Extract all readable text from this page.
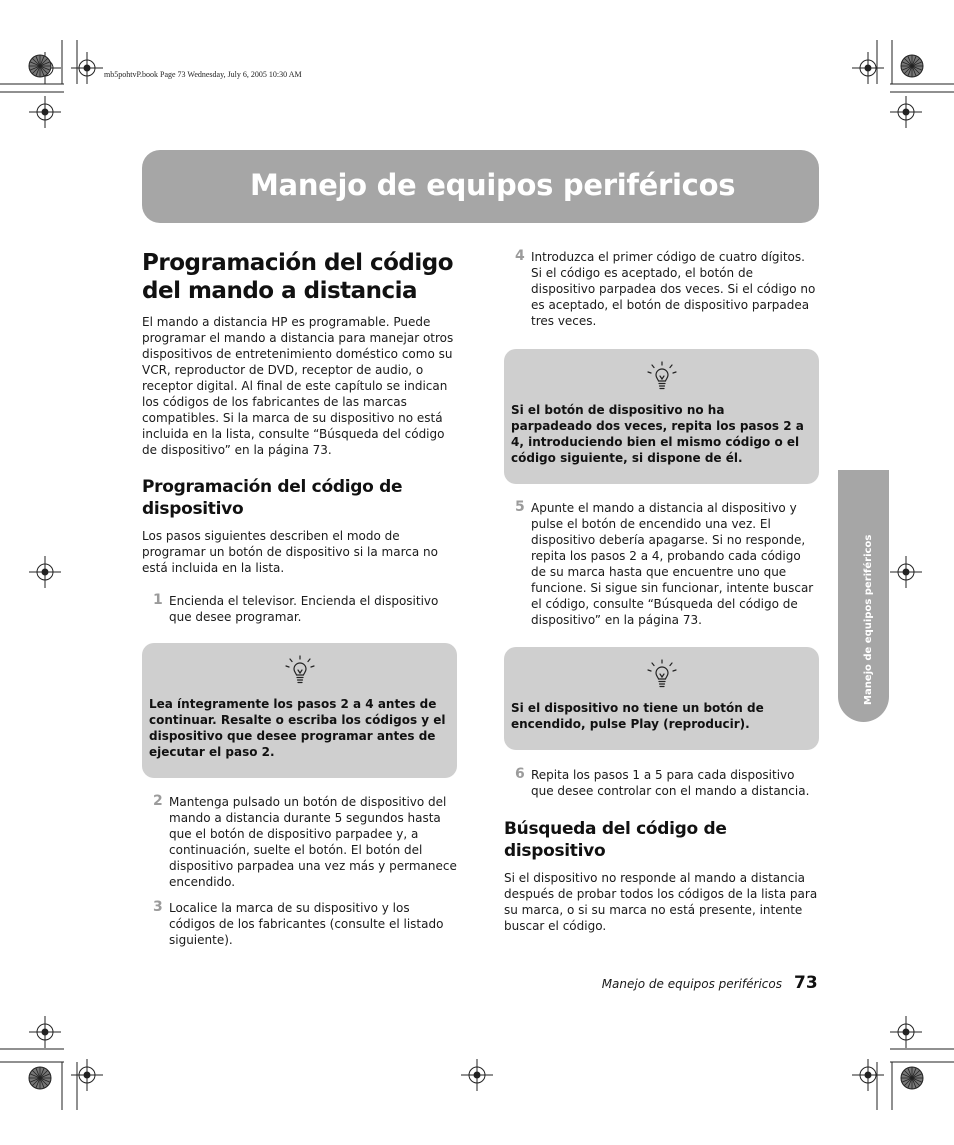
mb5pohtvP.book Page 73 Wednesday, July 6, 2005 10:30 AM
Manejo de equipos periféricos
Manejo de equipos periféricos
Programación del código del mando a distancia

El mando a distancia HP es programable. Puede programar el mando a distancia para manejar otros dispositivos de entretenimiento doméstico como su VCR, reproductor de DVD, receptor de audio, o receptor digital. Al final de este capítulo se indican los códigos de los fabricantes de las marcas compatibles. Si la marca de su dispositivo no está incluida en la lista, consulte “Búsqueda del código de dispositivo” en la página 73.

Programación del código de dispositivo

Los pasos siguientes describen el modo de programar un botón de dispositivo si la marca no está incluida en la lista.

1 Encienda el televisor. Encienda el dispositivo que desee programar.

Lea íntegramente los pasos 2 a 4 antes de continuar. Resalte o escriba los códigos y el dispositivo que desee programar antes de ejecutar el paso 2.
2 Mantenga pulsado un botón de dispositivo del mando a distancia durante 5 segundos hasta que el botón de dispositivo parpadee y, a continuación, suelte el botón. El botón del dispositivo parpadea una vez más y permanece encendido.

3 Localice la marca de su dispositivo y los códigos de los fabricantes (consulte el listado siguiente).

4 Introduzca el primer código de cuatro dígitos. Si el código es aceptado, el botón de dispositivo parpadea dos veces. Si el código no es aceptado, el botón de dispositivo parpadea tres veces.

Si el botón de dispositivo no ha parpadeado dos veces, repita los pasos 2 a 4, introduciendo bien el mismo código o el código siguiente, si dispone de él.
5 Apunte el mando a distancia al dispositivo y pulse el botón de encendido una vez. El dispositivo debería apagarse. Si no responde, repita los pasos 2 a 4, probando cada código de su marca hasta que encuentre uno que funcione. Si sigue sin funcionar, intente buscar el código, consulte “Búsqueda del código de dispositivo” en la página 73.

Si el dispositivo no tiene un botón de encendido, pulse Play (reproducir).
6 Repita los pasos 1 a 5 para cada dispositivo que desee controlar con el mando a distancia.

Búsqueda del código de dispositivo

Si el dispositivo no responde al mando a distancia después de probar todos los códigos de la lista para su marca, o si su marca no está presente, intente buscar el código.

Manejo de equipos periféricos 73
